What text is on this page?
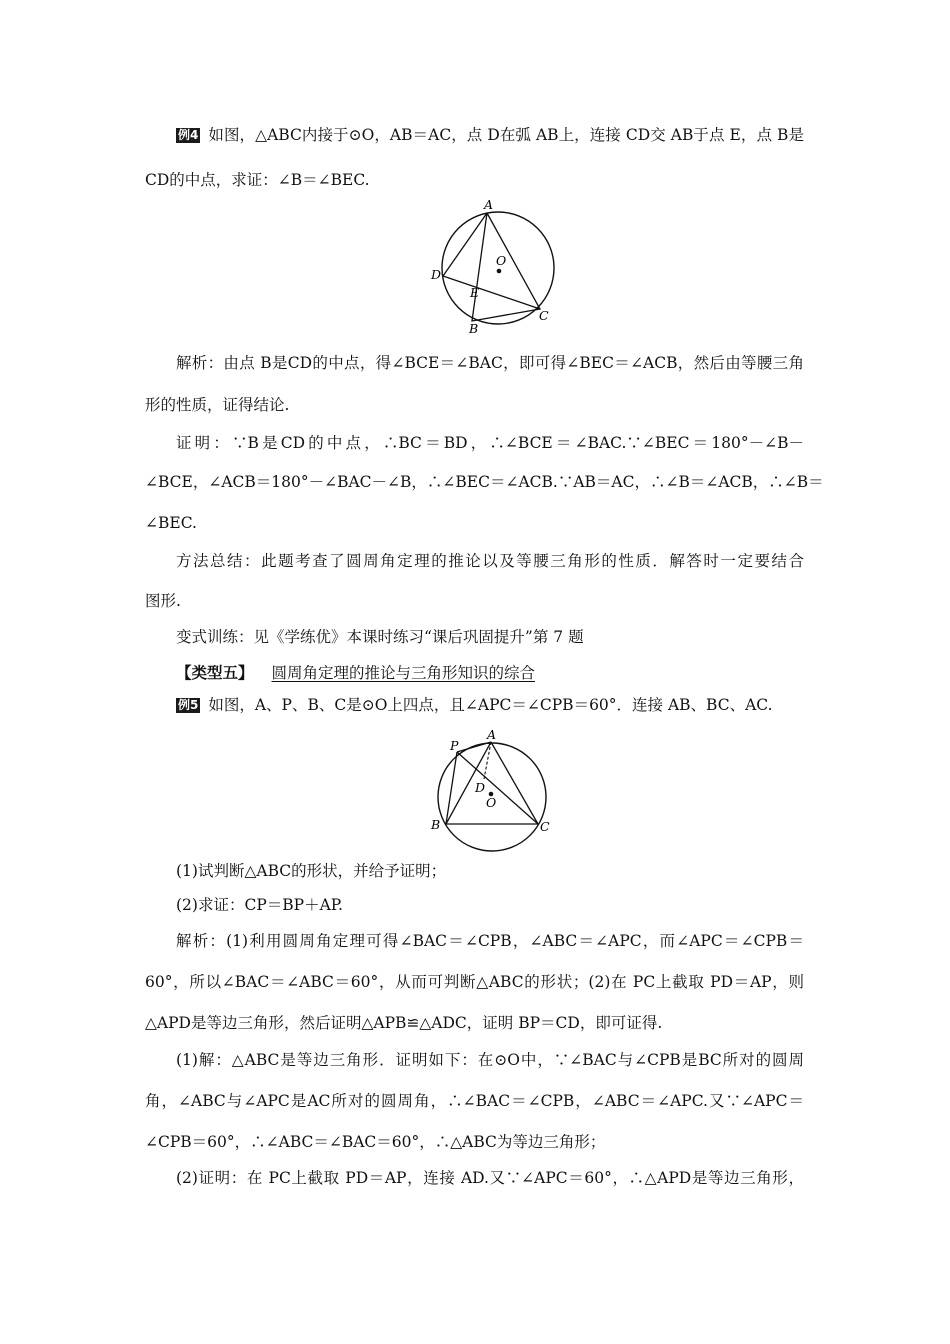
例4 如图，△ABC内接于⊙O，AB＝AC，点 D在弧 AB上，连接 CD交 AB于点 E，点 B是
CD的中点，求证：∠B＝∠BEC.
A
D
O
E
B
C
解析：由点 B是CD的中点，得∠BCE＝∠BAC，即可得∠BEC＝∠ACB，然后由等腰三角
形的性质，证得结论.
证明：∵B是CD的中点，∴BC＝BD，∴∠BCE＝∠BAC.∵∠BEC＝180°－∠B－
∠BCE，∠ACB＝180°－∠BAC－∠B，∴∠BEC＝∠ACB.∵AB＝AC，∴∠B＝∠ACB，∴∠B＝
∠BEC.
方法总结：此题考查了圆周角定理的推论以及等腰三角形的性质．解答时一定要结合
图形.
变式训练：见《学练优》本课时练习“课后巩固提升”第 7 题
【类型五】 圆周角定理的推论与三角形知识的综合
例5 如图，A、P、B、C是⊙O上四点，且∠APC＝∠CPB＝60°．连接 AB、BC、AC.
P
A
D
O
B	C
(1)试判断△ABC的形状，并给予证明；
(2)求证：CP＝BP＋AP.
解析：(1)利用圆周角定理可得∠BAC＝∠CPB，∠ABC＝∠APC，而∠APC＝∠CPB＝
60°，所以∠BAC＝∠ABC＝60°，从而可判断△ABC的形状；(2)在 PC上截取 PD＝AP，则
△APD是等边三角形，然后证明△APB≌△ADC，证明 BP＝CD，即可证得.
(1)解：△ABC是等边三角形．证明如下：在⊙O中，∵∠BAC与∠CPB是BC所对的圆周
角，∠ABC与∠APC是AC所对的圆周角，∴∠BAC＝∠CPB，∠ABC＝∠APC.又∵∠APC＝
∠CPB＝60°，∴∠ABC＝∠BAC＝60°，∴△ABC为等边三角形；
(2)证明：在 PC上截取 PD＝AP，连接 AD.又∵∠APC＝60°，∴△APD是等边三角形，
